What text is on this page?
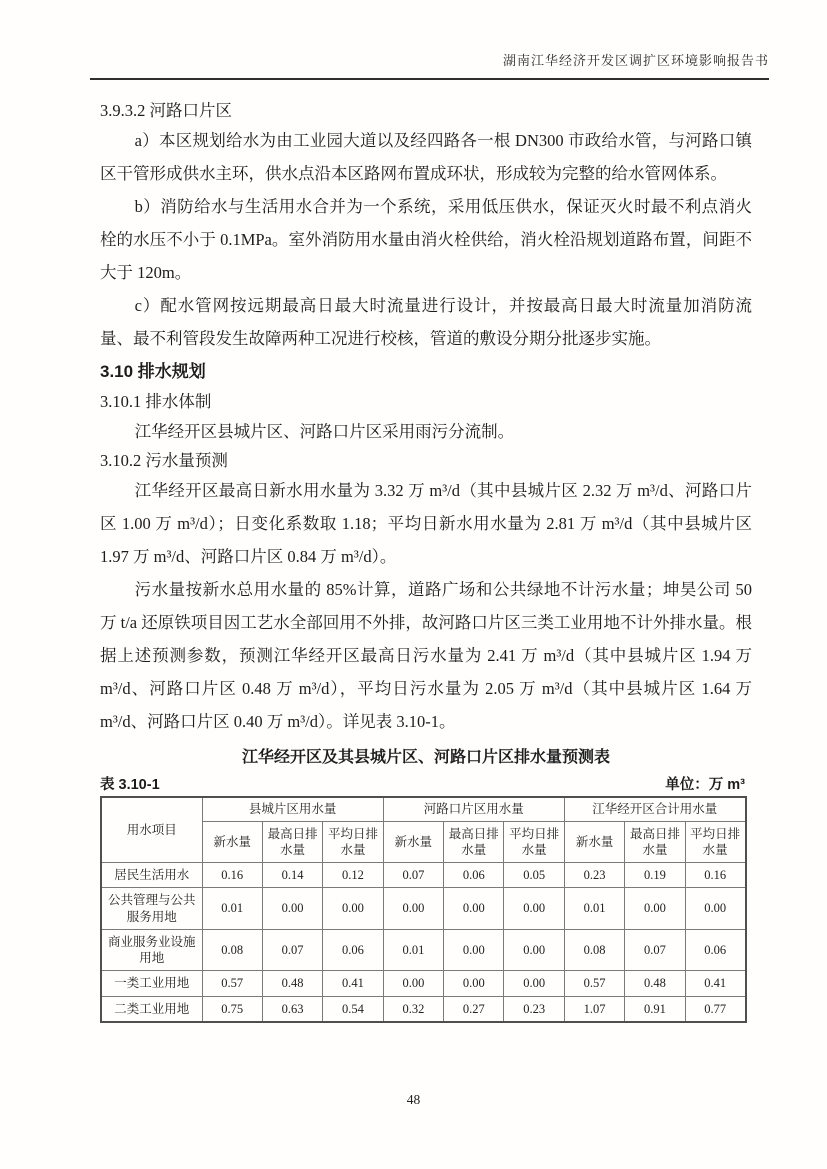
湖南江华经济开发区调扩区环境影响报告书
3.9.3.2 河路口片区

a）本区规划给水为由工业园大道以及经四路各一根 DN300 市政给水管，与河路口镇区干管形成供水主环，供水点沿本区路网布置成环状，形成较为完整的给水管网体系。

b）消防给水与生活用水合并为一个系统，采用低压供水，保证灭火时最不利点消火栓的水压不小于 0.1MPa。室外消防用水量由消火栓供给，消火栓沿规划道路布置，间距不大于 120m。

c）配水管网按远期最高日最大时流量进行设计，并按最高日最大时流量加消防流量、最不利管段发生故障两种工况进行校核，管道的敷设分期分批逐步实施。

3.10 排水规划
3.10.1 排水体制

江华经开区县城片区、河路口片区采用雨污分流制。

3.10.2 污水量预测

江华经开区最高日新水用水量为 3.32 万 m³/d（其中县城片区 2.32 万 m³/d、河路口片区 1.00 万 m³/d）；日变化系数取 1.18；平均日新水用水量为 2.81 万 m³/d（其中县城片区 1.97 万 m³/d、河路口片区 0.84 万 m³/d）。

污水量按新水总用水量的 85%计算，道路广场和公共绿地不计污水量；坤昊公司 50 万 t/a 还原铁项目因工艺水全部回用不外排，故河路口片区三类工业用地不计外排水量。根据上述预测参数，预测江华经开区最高日污水量为 2.41 万 m³/d（其中县城片区 1.94 万 m³/d、河路口片区 0.48 万 m³/d），平均日污水量为 2.05 万 m³/d（其中县城片区 1.64 万 m³/d、河路口片区 0.40 万 m³/d）。详见表 3.10-1。

江华经开区及其县城片区、河路口片区排水量预测表
表 3.10-1	单位：万 m³
用水项目	县城片区用水量			河路口片区用水量			江华经开区合计用水量		
	新水量	最高日排水量	平均日排水量	新水量	最高日排水量	平均日排水量	新水量	最高日排水量	平均日排水量
居民生活用水	0.16	0.14	0.12	0.07	0.06	0.05	0.23	0.19	0.16
公共管理与公共服务用地	0.01	0.00	0.00	0.00	0.00	0.00	0.01	0.00	0.00
商业服务业设施用地	0.08	0.07	0.06	0.01	0.00	0.00	0.08	0.07	0.06
一类工业用地	0.57	0.48	0.41	0.00	0.00	0.00	0.57	0.48	0.41
二类工业用地	0.75	0.63	0.54	0.32	0.27	0.23	1.07	0.91	0.77
48
